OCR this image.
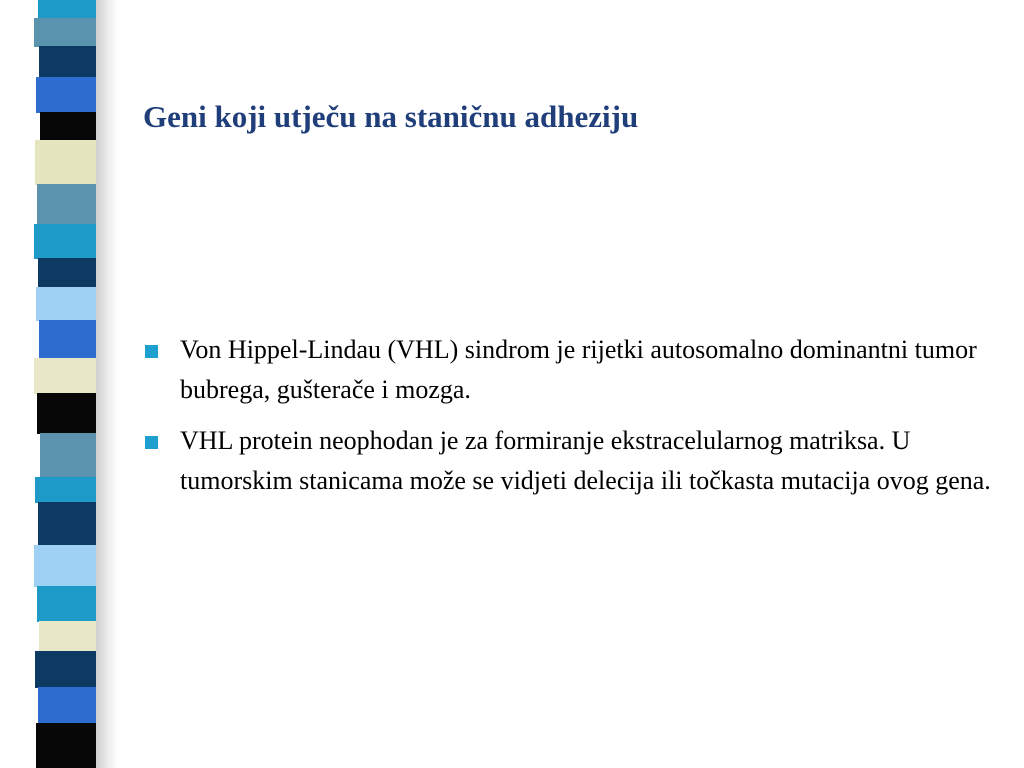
Geni koji utječu na staničnu adheziju
Von Hippel-Lindau (VHL) sindrom je rijetki autosomalno dominantni tumor bubrega, gušterače i mozga.
VHL protein neophodan je za formiranje ekstracelularnog matriksa. U tumorskim stanicama može se vidjeti delecija ili točkasta mutacija ovog gena.
